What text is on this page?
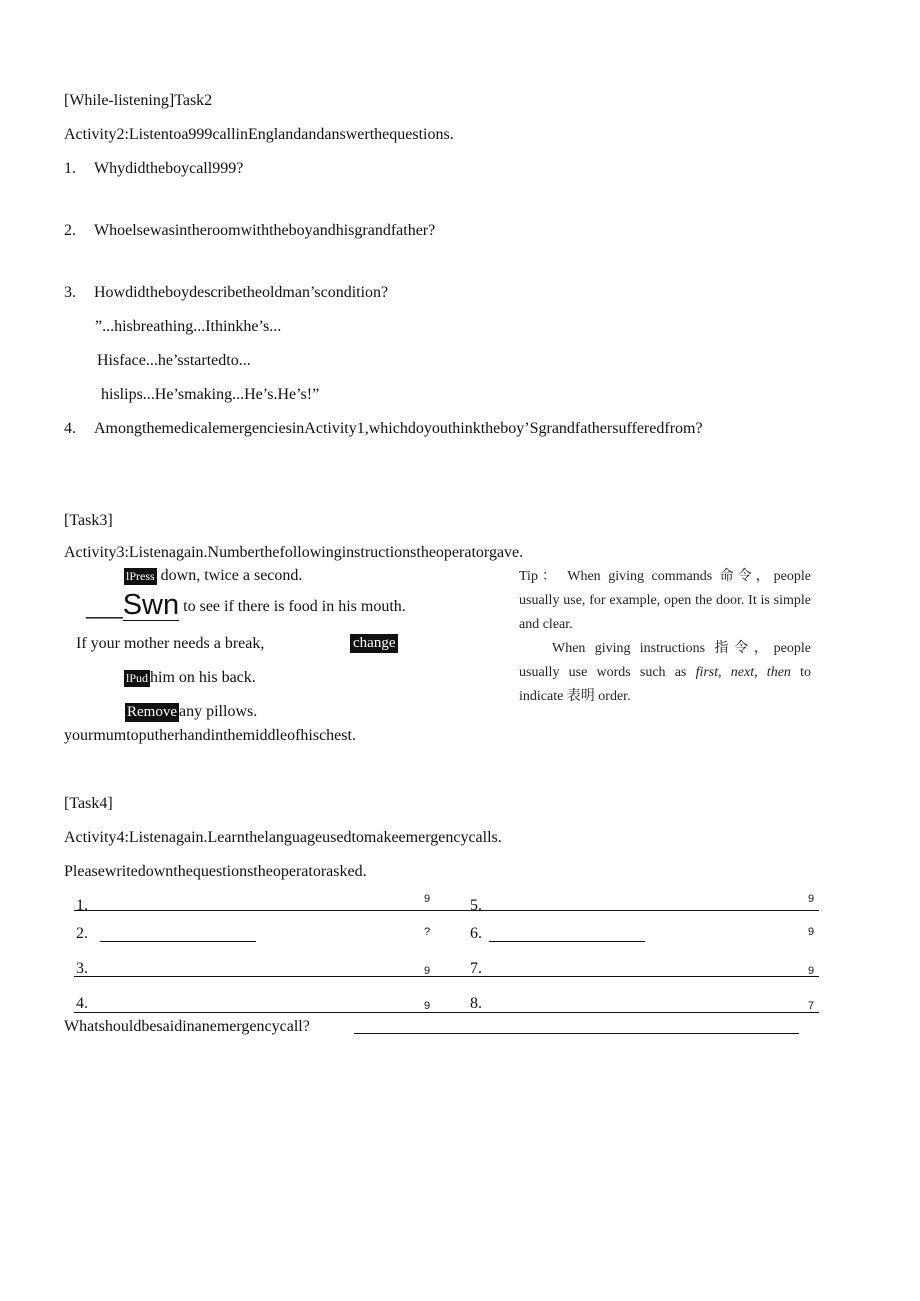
[While-listening]Task2
Activity2:Listentoa999callinEnglandandanswerthequestions.
1. Whydidtheboycall999?
2. Whoelsewasintheroomwiththeboyandhisgrandfather?
3. Howdidtheboydescribetheoldman’scondition?
”...hisbreathing...Ithinkhe’s...
Hisface...he’sstartedto...
hislips...He’smaking...He’s.He’s!”
4. AmongthemedicalemergenciesinActivity1,whichdoyouthinktheboy’Sgrandfathersufferedfrom?
[Task3]
Activity3:Listenagain.Numberthefollowinginstructionstheoperatorgave.
lPress down, twice a second.
___Swn to see if there is food in his mouth.
If your mother needs a break,	change
lPud him on his back.
Remove any pillows.
yourmumtoputherhandinthemiddleofhischest.

Tip： When giving commands 命令，people usually use, for example, open the door. It is simple and clear.

When giving instructions 指令，people usually use words such as first, next, then to indicate 表明 order.

[Task4]
Activity4:Listenagain.Learnthelanguageusedtomakeemergencycalls.
Pleasewritedownthequestionstheoperatorasked.
1.	9 5.	9
2.	? 6.	9
3.	9 7.	9
4.	9 8.	7
Whatshouldbesaidinanemergencycall?
